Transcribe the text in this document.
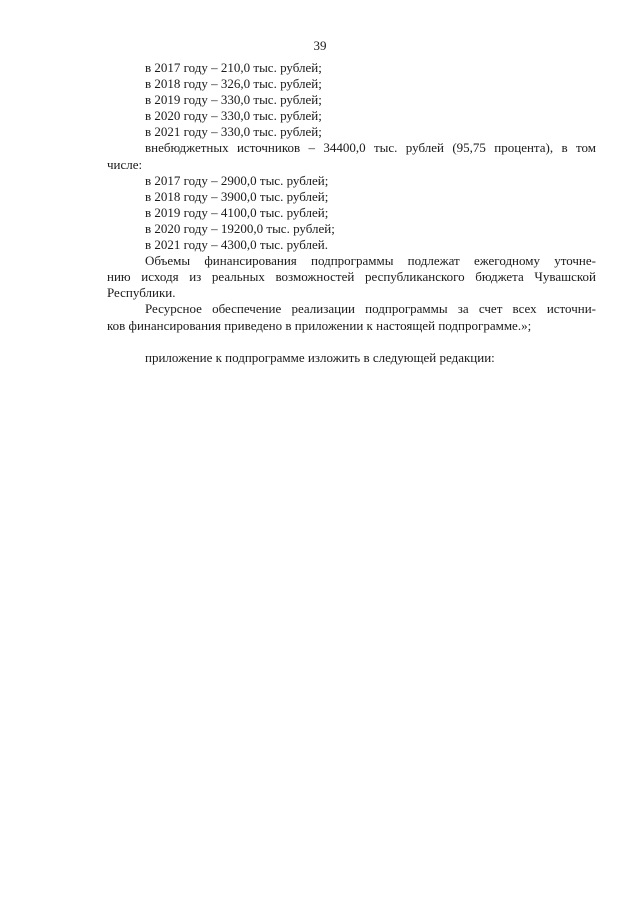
39
в 2017 году – 210,0 тыс. рублей;
в 2018 году – 326,0 тыс. рублей;
в 2019 году – 330,0 тыс. рублей;
в 2020 году – 330,0 тыс. рублей;
в 2021 году – 330,0 тыс. рублей;
внебюджетных источников – 34400,0 тыс. рублей (95,75 процента), в том
числе:
в 2017 году – 2900,0 тыс. рублей;
в 2018 году – 3900,0 тыс. рублей;
в 2019 году – 4100,0 тыс. рублей;
в 2020 году – 19200,0 тыс. рублей;
в 2021 году – 4300,0 тыс. рублей.
Объемы финансирования подпрограммы подлежат ежегодному уточне-
нию исходя из реальных возможностей республиканского бюджета Чувашской
Республики.
Ресурсное обеспечение реализации подпрограммы за счет всех источни-
ков финансирования приведено в приложении к настоящей подпрограмме.»;
приложение к подпрограмме изложить в следующей редакции:
